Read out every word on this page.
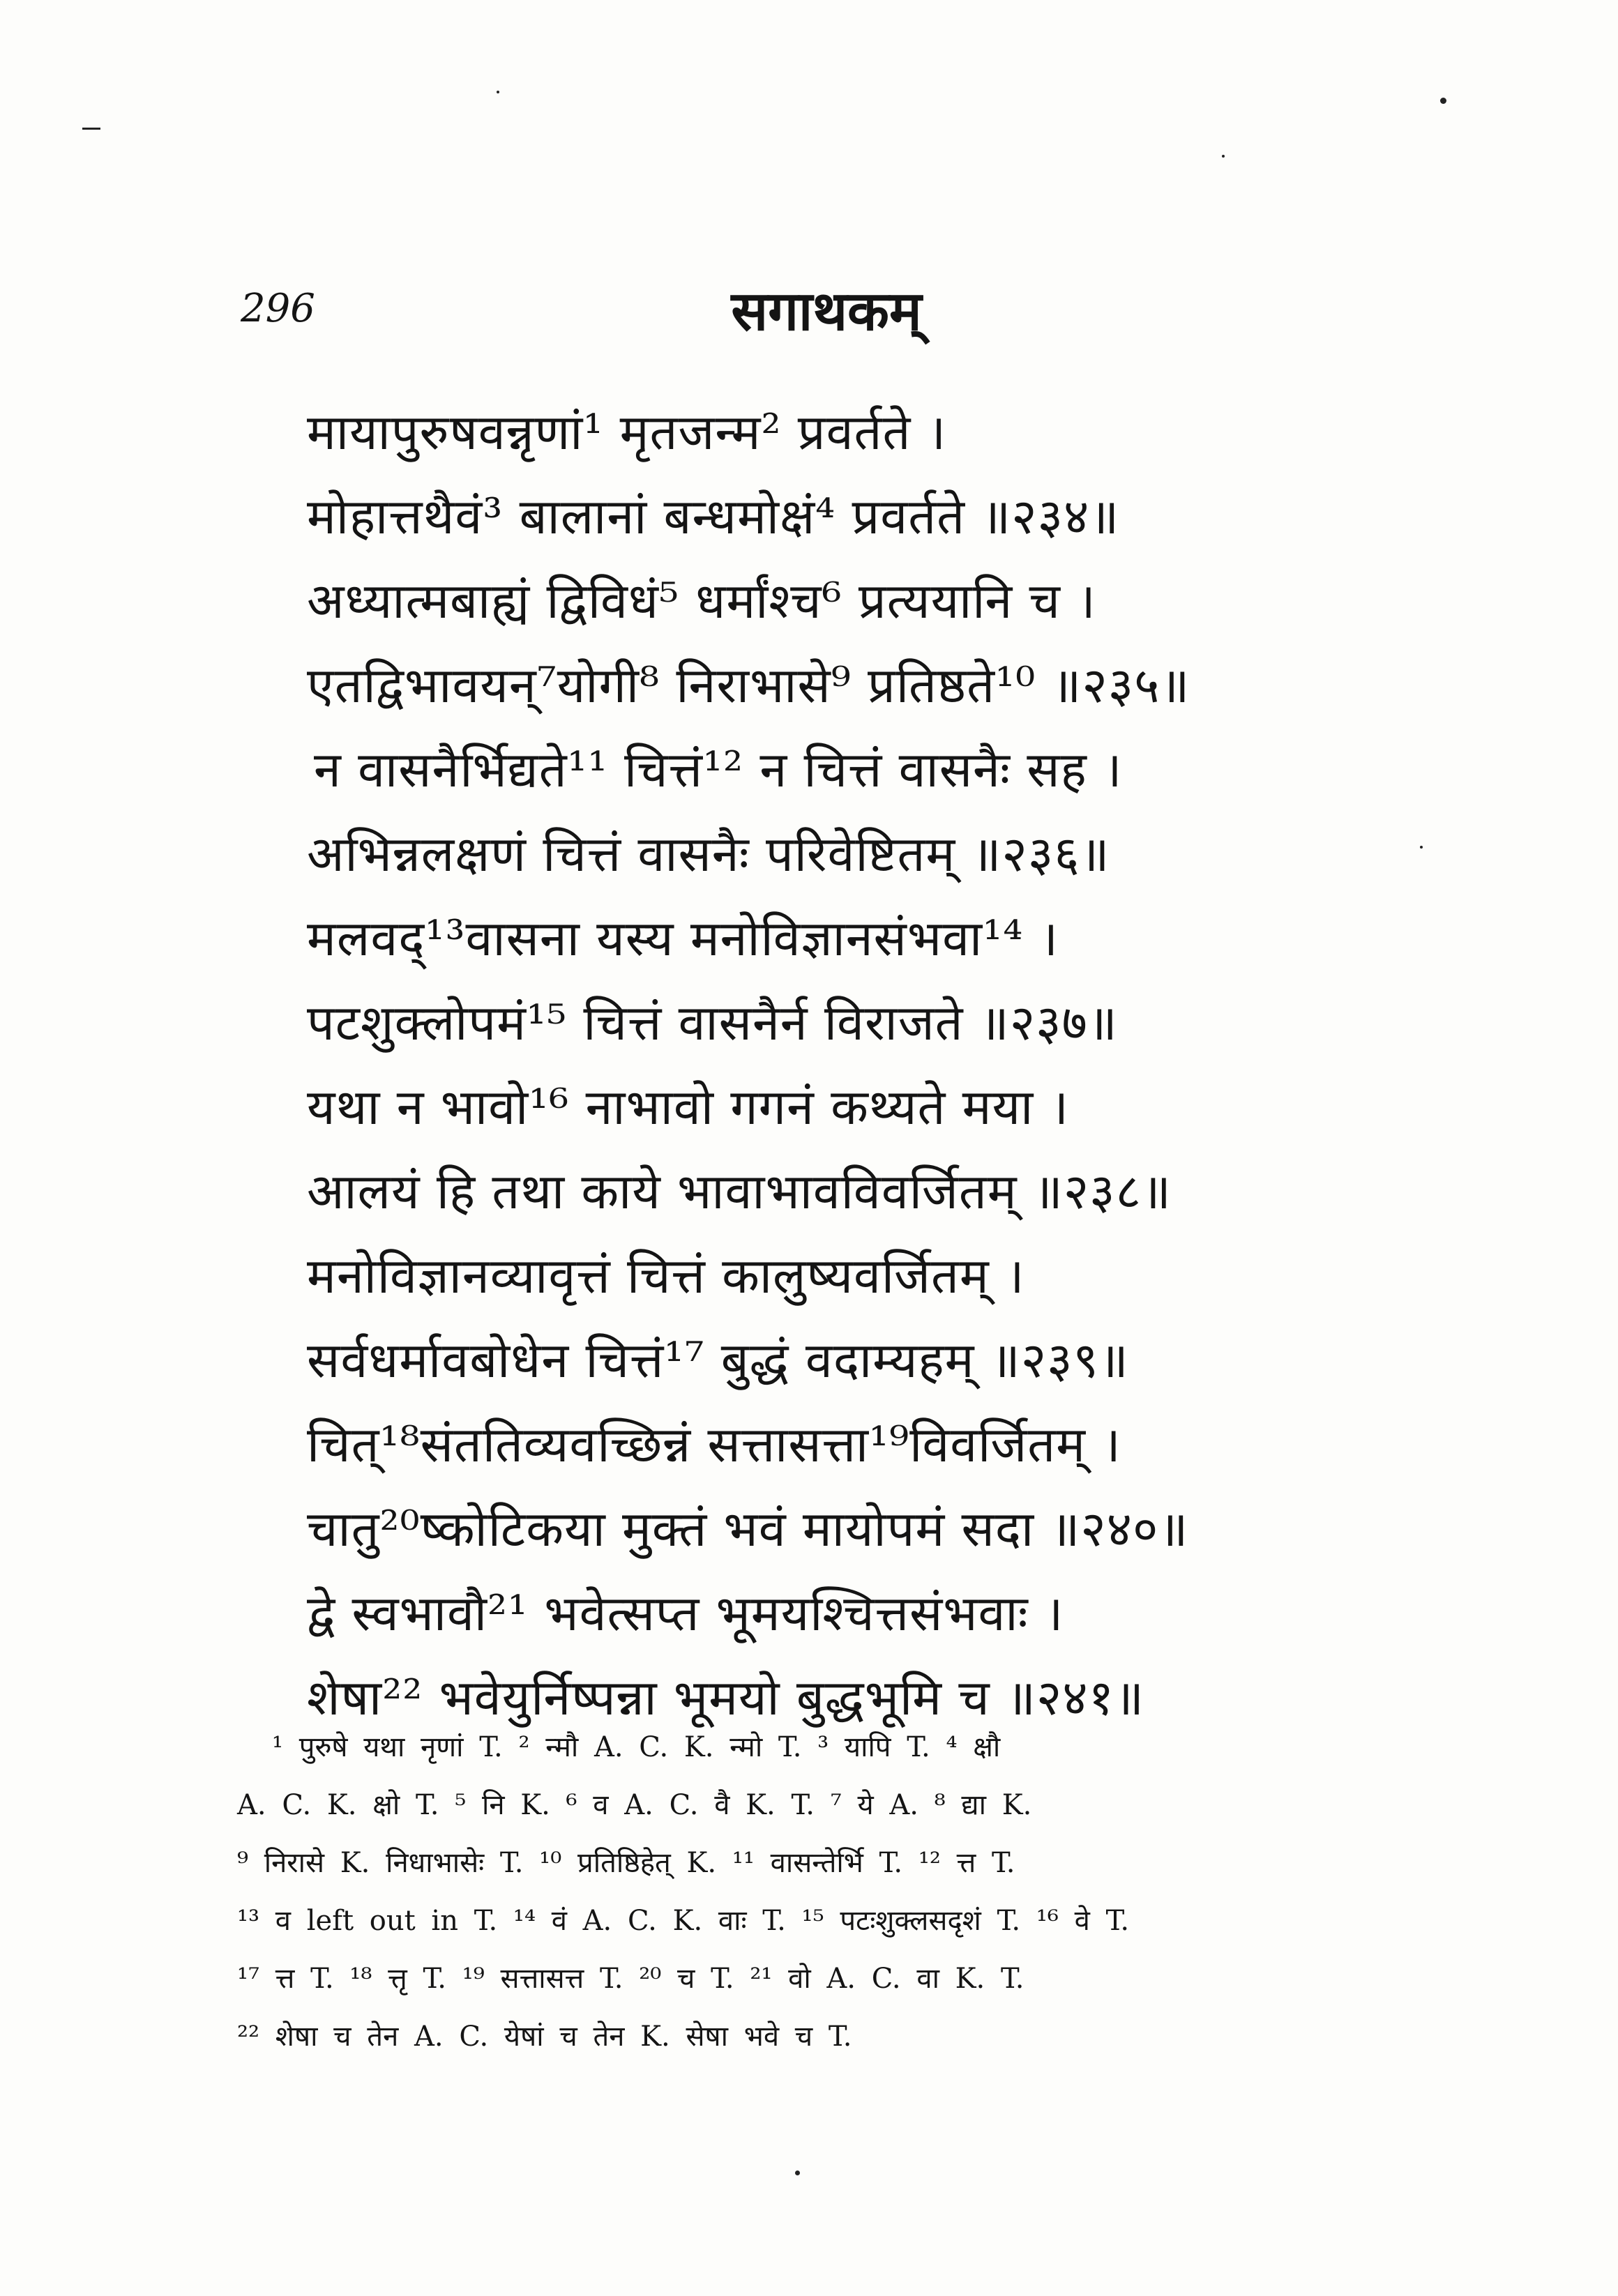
296	सगाथकम्
मायापुरुषवन्नृणां¹ मृतजन्म² प्रवर्तते ।
मोहात्तथैवं³ बालानां बन्धमोक्षं⁴ प्रवर्तते ॥२३४॥
अध्यात्मबाह्यं द्विविधं⁵ धर्मांश्च⁶ प्रत्ययानि च ।
एतद्विभावयन्⁷योगी⁸ निराभासे⁹ प्रतिष्ठते¹⁰ ॥२३५॥
न वासनैर्भिद्यते¹¹ चित्तं¹² न चित्तं वासनैः सह ।
अभिन्नलक्षणं चित्तं वासनैः परिवेष्टितम् ॥२३६॥
मलवद्¹³वासना यस्य मनोविज्ञानसंभवा¹⁴ ।
पटशुक्लोपमं¹⁵ चित्तं वासनैर्न विराजते ॥२३७॥
यथा न भावो¹⁶ नाभावो गगनं कथ्यते मया ।
आलयं हि तथा काये भावाभावविवर्जितम् ॥२३८॥
मनोविज्ञानव्यावृत्तं चित्तं कालुष्यवर्जितम् ।
सर्वधर्मावबोधेन चित्तं¹⁷ बुद्धं वदाम्यहम् ॥२३९॥
चित्¹⁸संततिव्यवच्छिन्नं सत्तासत्ता¹⁹विवर्जितम् ।
चातु²⁰ष्कोटिकया मुक्तं भवं मायोपमं सदा ॥२४०॥
द्वे स्वभावौ²¹ भवेत्सप्त भूमयश्चित्तसंभवाः ।
शेषा²² भवेयुर्निष्पन्ना भूमयो बुद्धभूमि च ॥२४१॥
¹ पुरुषे यथा नृणां T. ² न्मौ A. C. K. न्मो T. ³ यापि T. ⁴ क्षौ
A. C. K. क्षो T. ⁵ नि K. ⁶ व A. C. वै K. T. ⁷ ये A. ⁸ द्या K.
⁹ निरासे K. निधाभासेः T. ¹⁰ प्रतिष्ठिहेत् K. ¹¹ वासन्तेर्भि T. ¹² त्त T.
¹³ व left out in T. ¹⁴ वं A. C. K. वाः T. ¹⁵ पटःशुक्लसदृशं T. ¹⁶ वे T.
¹⁷ त्त T. ¹⁸ त्तृ T. ¹⁹ सत्तासत्त T. ²⁰ च T. ²¹ वो A. C. वा K. T.
²² शेषा च तेन A. C. येषां च तेन K. सेषा भवे च T.
